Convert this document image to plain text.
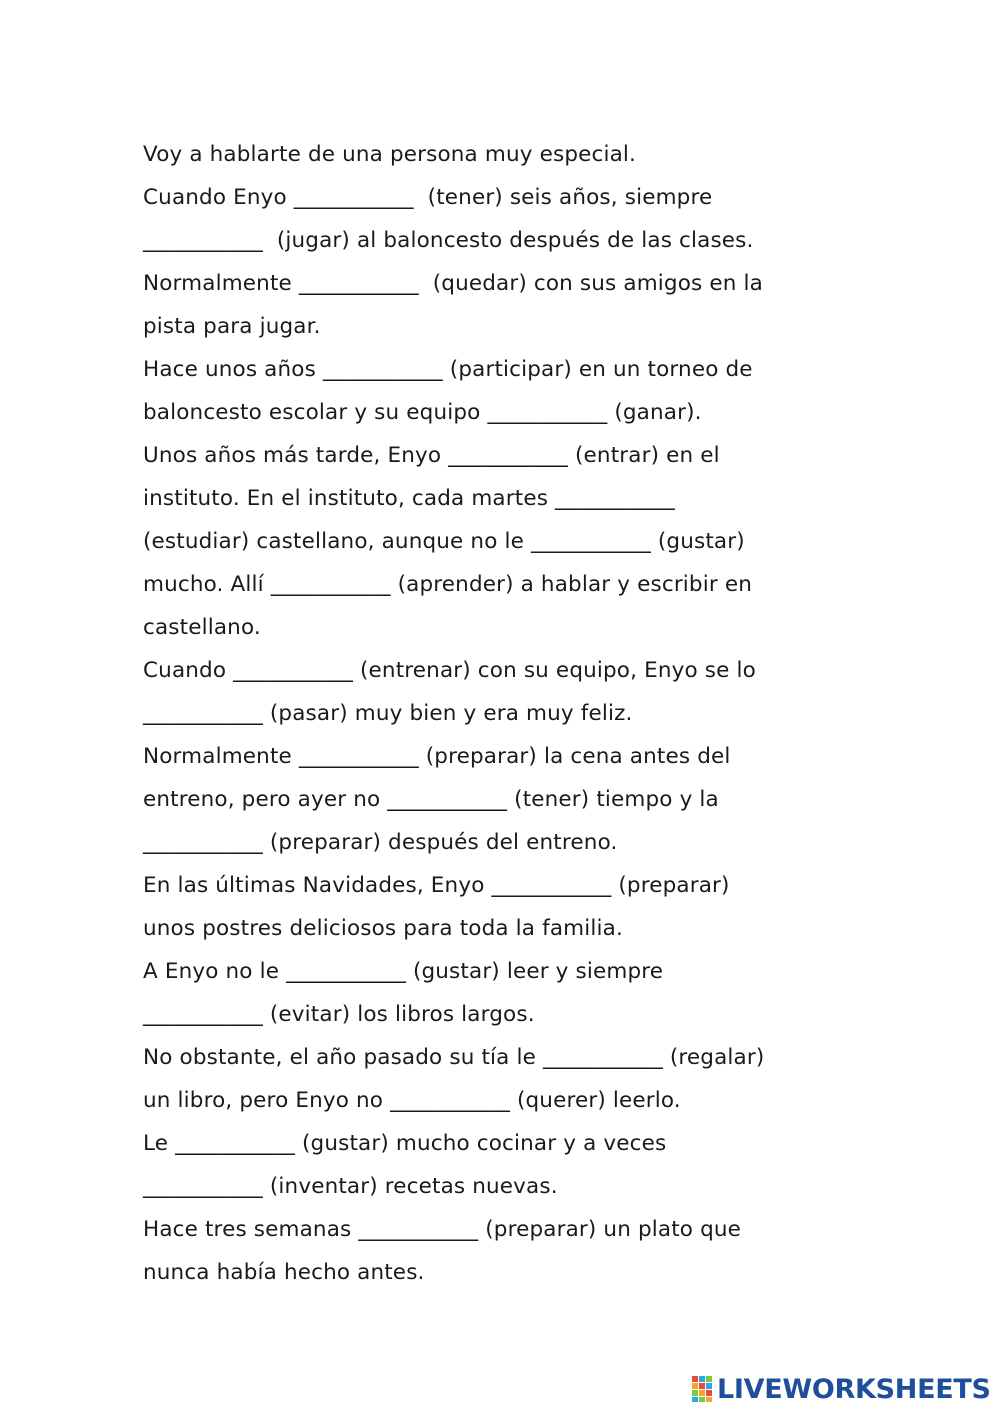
Voy a hablarte de una persona muy especial.
Cuando Enyo ___________  (tener) seis años, siempre
___________  (jugar) al baloncesto después de las clases.
Normalmente ___________  (quedar) con sus amigos en la
pista para jugar.
Hace unos años ___________ (participar) en un torneo de
baloncesto escolar y su equipo ___________ (ganar).
Unos años más tarde, Enyo ___________ (entrar) en el
instituto. En el instituto, cada martes ___________
(estudiar) castellano, aunque no le ___________ (gustar)
mucho. Allí ___________ (aprender) a hablar y escribir en
castellano.
Cuando ___________ (entrenar) con su equipo, Enyo se lo
___________ (pasar) muy bien y era muy feliz.
Normalmente ___________ (preparar) la cena antes del
entreno, pero ayer no ___________ (tener) tiempo y la
___________ (preparar) después del entreno.
En las últimas Navidades, Enyo ___________ (preparar)
unos postres deliciosos para toda la familia.
A Enyo no le ___________ (gustar) leer y siempre
___________ (evitar) los libros largos.
No obstante, el año pasado su tía le ___________ (regalar)
un libro, pero Enyo no ___________ (querer) leerlo.
Le ___________ (gustar) mucho cocinar y a veces
___________ (inventar) recetas nuevas.
Hace tres semanas ___________ (preparar) un plato que
nunca había hecho antes.
LIVEWORKSHEETS
